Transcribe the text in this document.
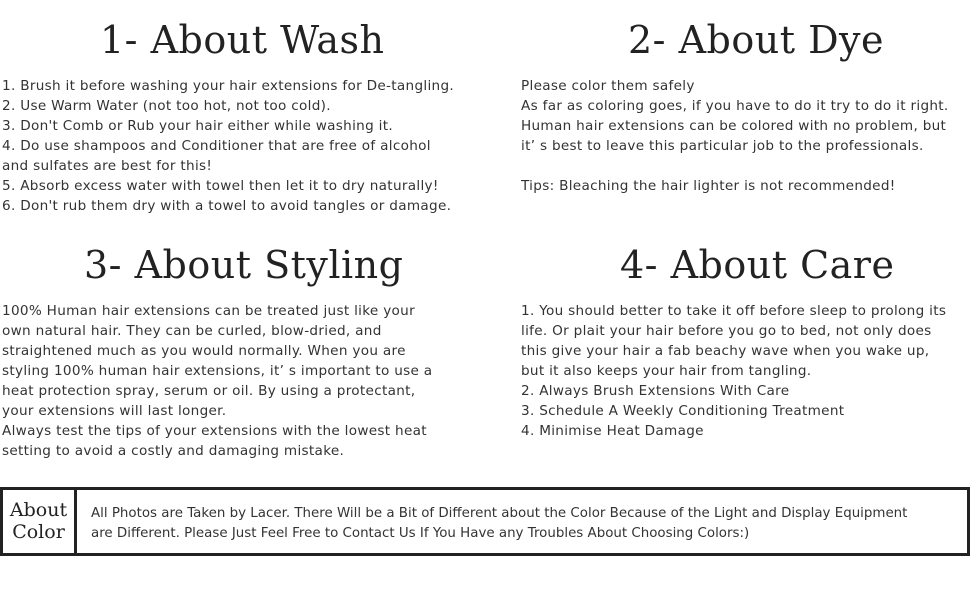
1- About Wash
1. Brush it before washing your hair extensions for De-tangling.
2. Use Warm Water (not too hot, not too cold).
3. Don't Comb or Rub your hair either while washing it.
4. Do use shampoos and Conditioner that are free of alcohol
and sulfates are best for this!
5. Absorb excess water with towel then let it to dry naturally!
6. Don't rub them dry with a towel to avoid tangles or damage.
2- About Dye
Please color them safely
As far as coloring goes, if you have to do it try to do it right.
Human hair extensions can be colored with no problem, but
it’ s best to leave this particular job to the professionals.
Tips: Bleaching the hair lighter is not recommended!
3- About Styling
100% Human hair extensions can be treated just like your
own natural hair. They can be curled, blow-dried, and
straightened much as you would normally. When you are
styling 100% human hair extensions, it’ s important to use a
heat protection spray, serum or oil. By using a protectant,
your extensions will last longer.
Always test the tips of your extensions with the lowest heat
setting to avoid a costly and damaging mistake.
4- About Care
1. You should better to take it off before sleep to prolong its
life. Or plait your hair before you go to bed, not only does
this give your hair a fab beachy wave when you wake up,
but it also keeps your hair from tangling.
2. Always Brush Extensions With Care
3. Schedule A Weekly Conditioning Treatment
4. Minimise Heat Damage
About
Color
All Photos are Taken by Lacer. There Will be a Bit of Different about the Color Because of the Light and Display Equipment
are Different. Please Just Feel Free to Contact Us If You Have any Troubles About Choosing Colors:)
